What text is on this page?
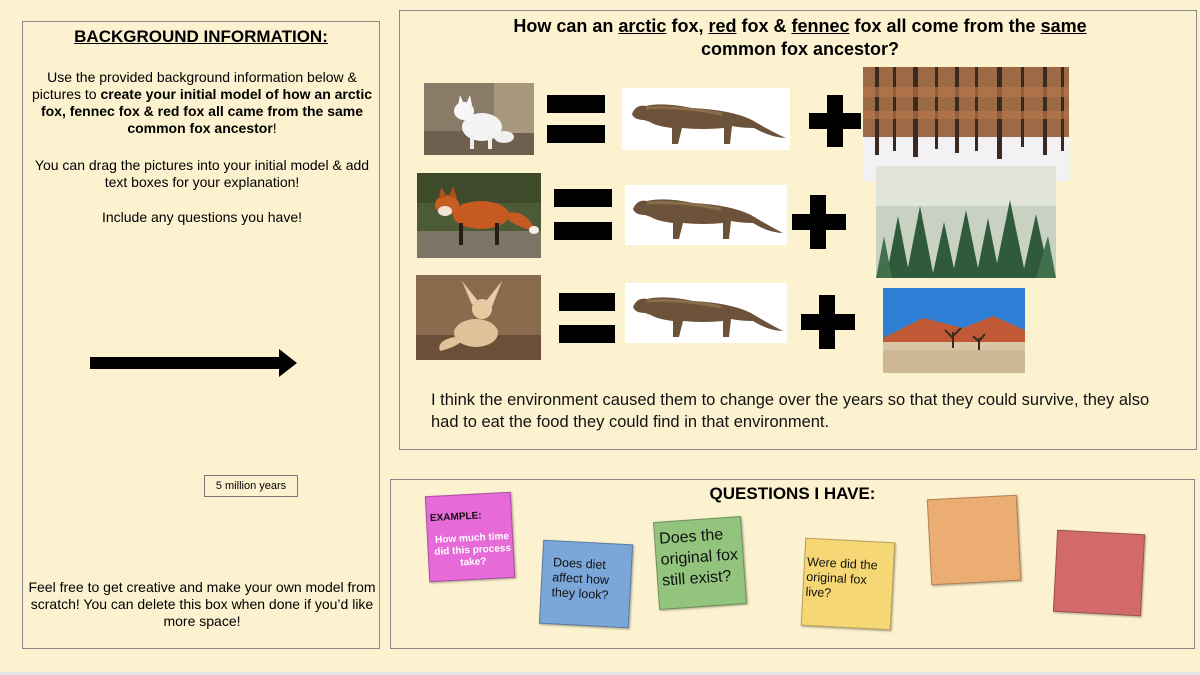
BACKGROUND INFORMATION:
Use the provided background information below & pictures to create your initial model of how an arctic fox, fennec fox & red fox all came from the same common fox ancestor!
You can drag the pictures into your initial model & add text boxes for your explanation!
Include any questions you have!
5 million years
Feel free to get creative and make your own model from scratch! You can delete this box when done if you’d like more space!
How can an arctic fox, red fox & fennec fox all come from the same common fox ancestor?
I think the environment caused them to change over the years so that they could survive, they also had to eat the food they could find in that environment.
QUESTIONS I HAVE:
EXAMPLE:
How much time did this process take?	Does diet affect how they look?
Does the original fox still exist?
Were did the original fox live?
